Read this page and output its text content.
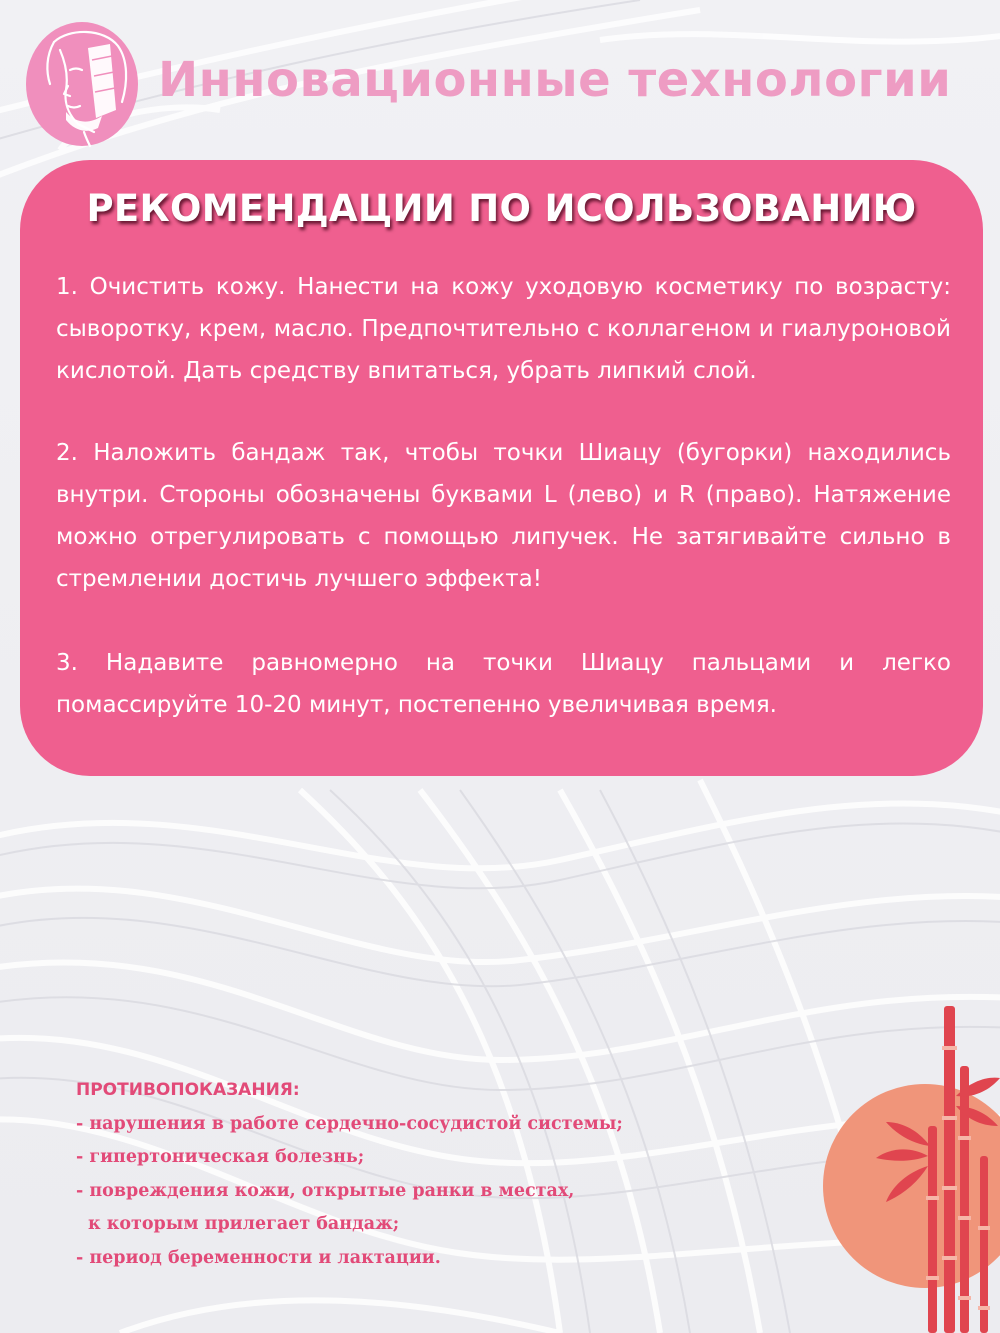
Инновационные технологии
РЕКОМЕНДАЦИИ ПО ИСОЛЬЗОВАНИЮ

1. Очистить кожу. Нанести на кожу уходовую косметику по возрасту: сыворотку, крем, масло. Предпочтительно с коллагеном и гиалуроновой кислотой. Дать средству впитаться, убрать липкий слой.

2. Наложить бандаж так, чтобы точки Шиацу (бугорки) находились внутри. Стороны обозначены буквами L (лево) и R (право). Натяжение можно отрегулировать с помощью липучек. Не затягивайте сильно в стремлении достичь лучшего эффекта!

3. Надавите равномерно на точки Шиацу пальцами и легко помассируйте 10-20 минут, постепенно увеличивая время.

ПРОТИВОПОКАЗАНИЯ:
- нарушения в работе сердечно-сосудистой системы;
- гипертоническая болезнь;
- повреждения кожи, открытые ранки в местах,
к которым прилегает бандаж;
- период беременности и лактации.
